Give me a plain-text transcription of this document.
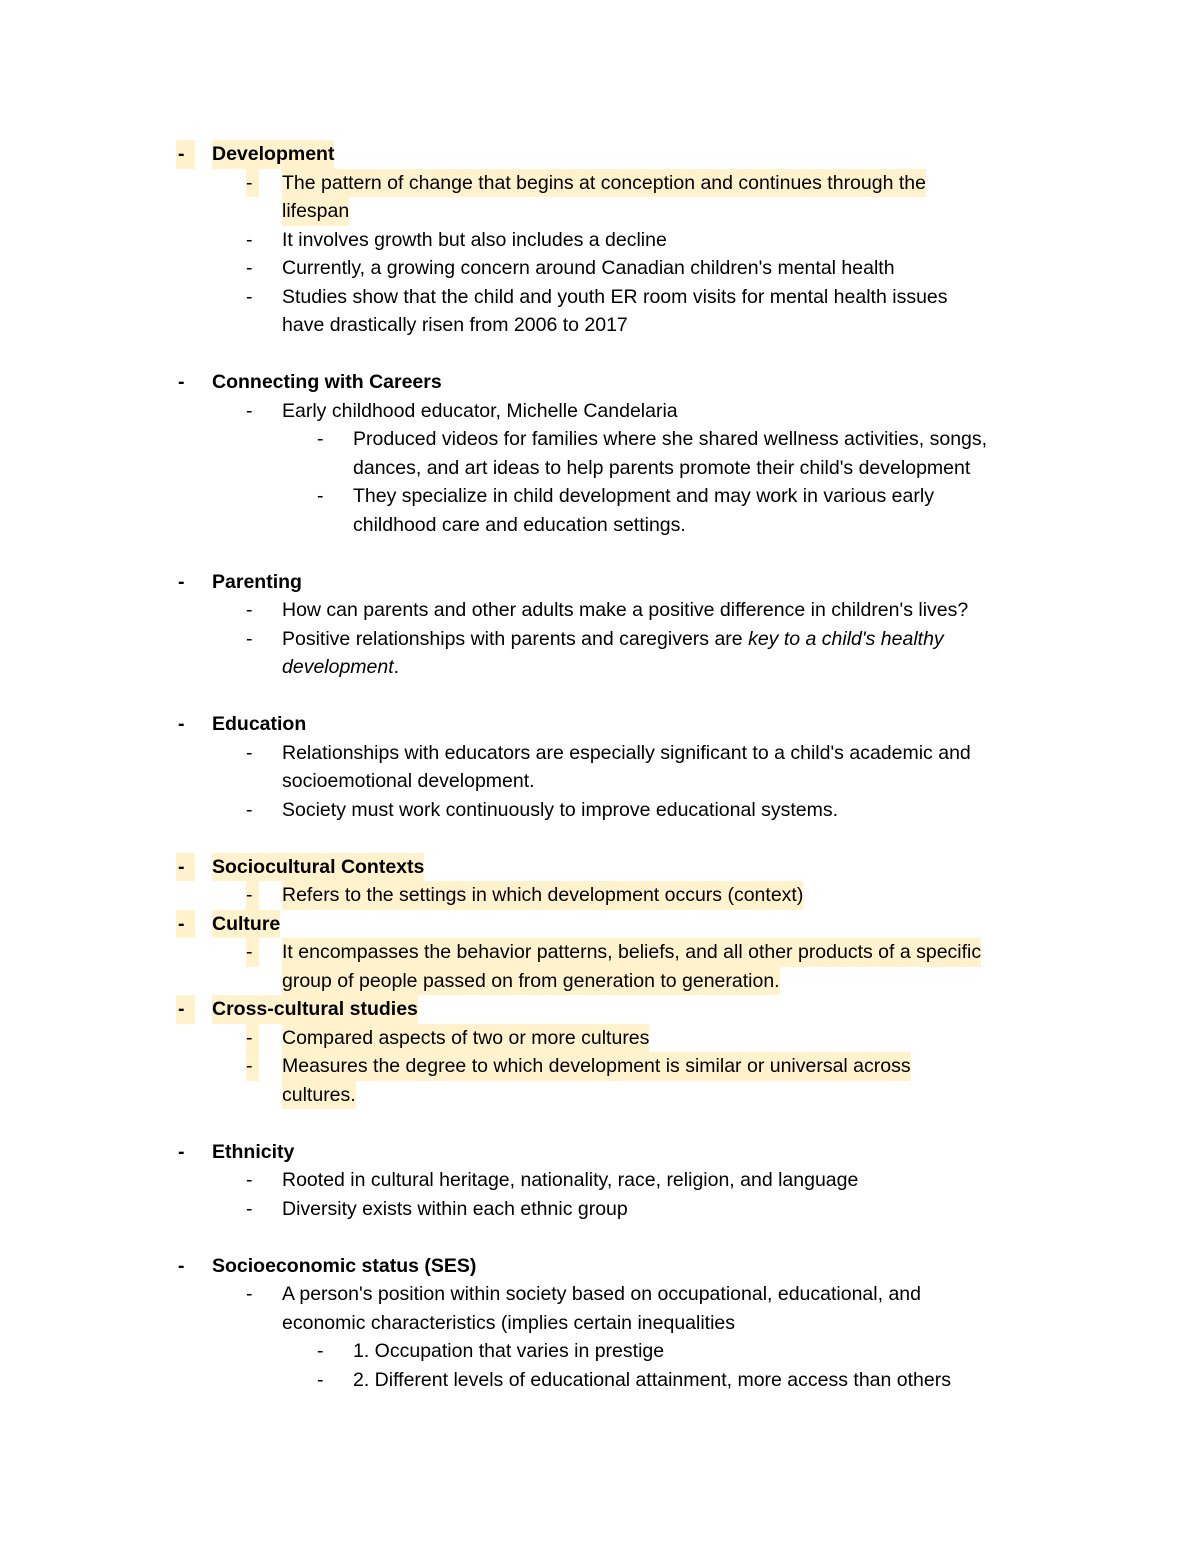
-	Development
-	The pattern of change that begins at conception and continues through the
lifespan
- It involves growth but also includes a decline
- Currently, a growing concern around Canadian children's mental health
- Studies show that the child and youth ER room visits for mental health issues
have drastically risen from 2006 to 2017
- Connecting with Careers
- Early childhood educator, Michelle Candelaria
- Produced videos for families where she shared wellness activities, songs,
dances, and art ideas to help parents promote their child's development
- They specialize in child development and may work in various early
childhood care and education settings.
- Parenting
- How can parents and other adults make a positive difference in children's lives?
- Positive relationships with parents and caregivers are key to a child's healthy
development.
- Education
- Relationships with educators are especially significant to a child's academic and
socioemotional development.
- Society must work continuously to improve educational systems.
-	Sociocultural Contexts
-	Refers to the settings in which development occurs (context)
-	Culture
-	It encompasses the behavior patterns, beliefs, and all other products of a specific
group of people passed on from generation to generation.
-	Cross-cultural studies
-	Compared aspects of two or more cultures
-	Measures the degree to which development is similar or universal across
cultures.
- Ethnicity
- Rooted in cultural heritage, nationality, race, religion, and language
- Diversity exists within each ethnic group
- Socioeconomic status (SES)
- A person's position within society based on occupational, educational, and
economic characteristics (implies certain inequalities
- 1. Occupation that varies in prestige
- 2. Different levels of educational attainment, more access than others
